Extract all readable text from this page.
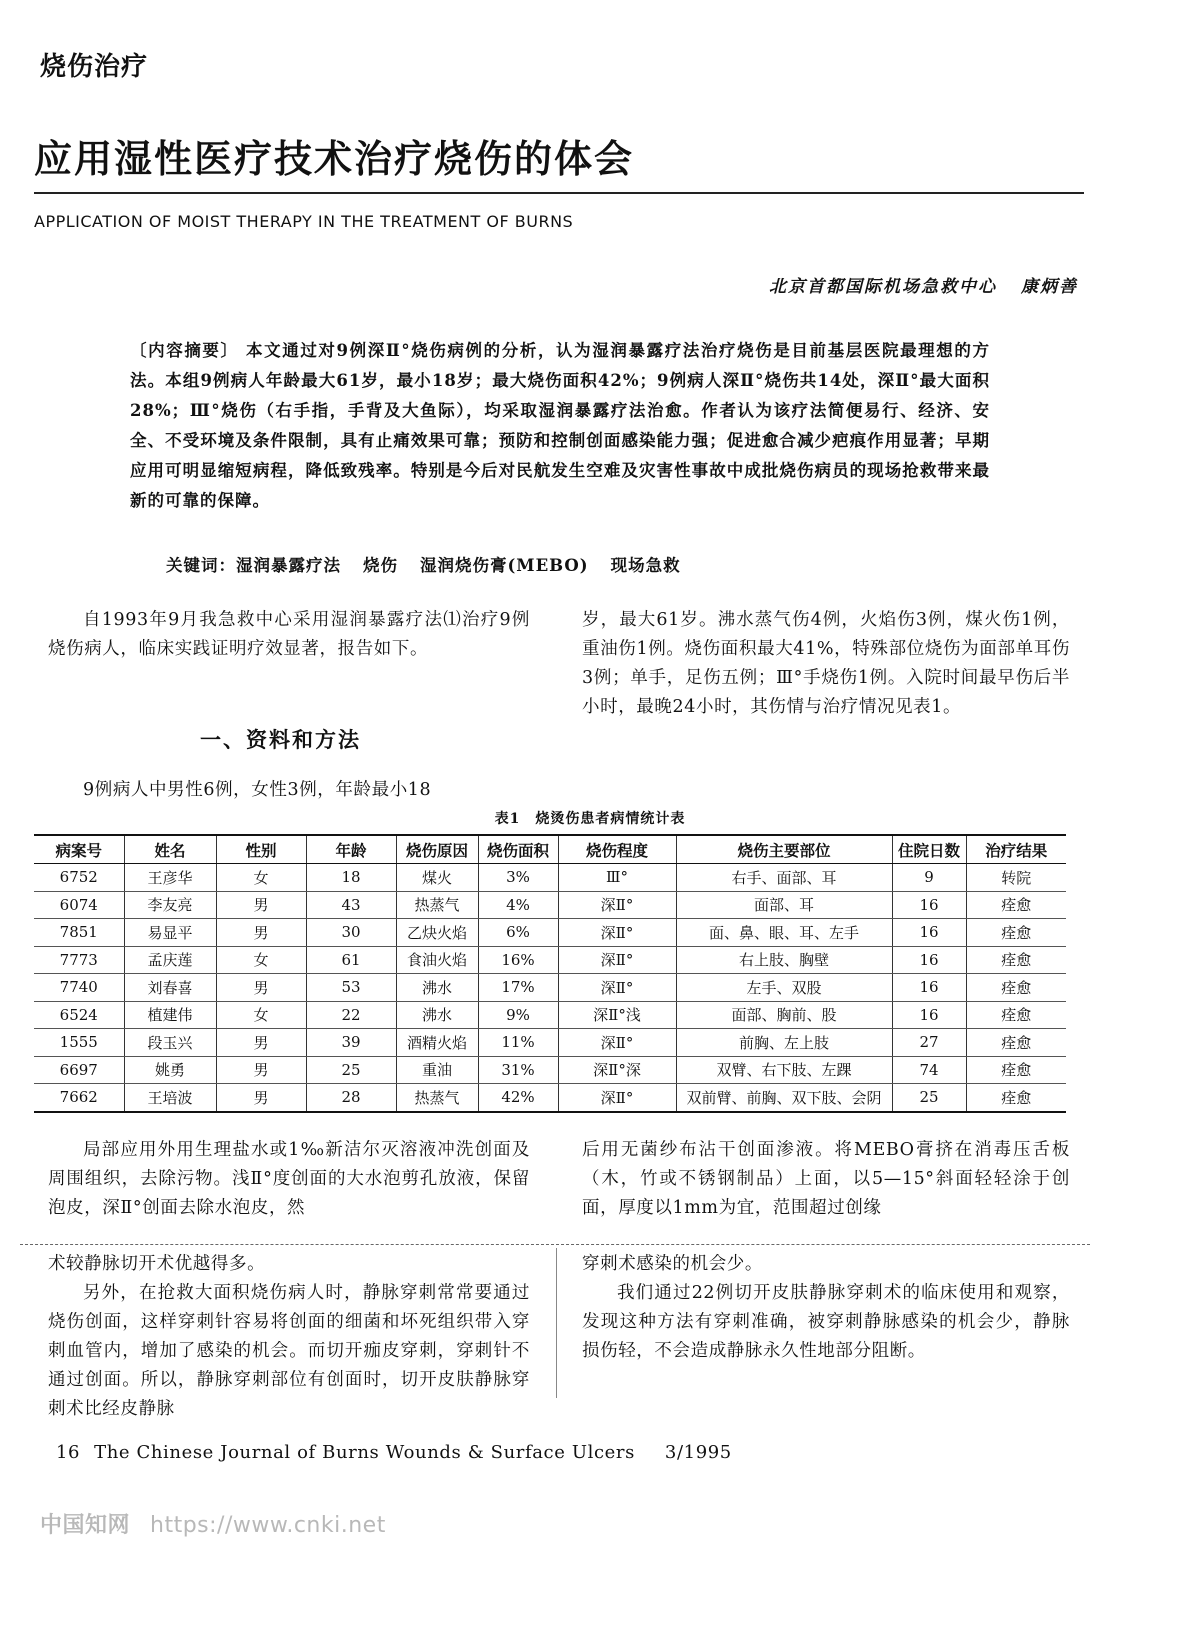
烧伤治疗
应用湿性医疗技术治疗烧伤的体会
APPLICATION OF MOIST THERAPY IN THE TREATMENT OF BURNS
北京首都国际机场急救中心 康炳善
〔内容摘要〕 本文通过对9例深Ⅱ°烧伤病例的分析，认为湿润暴露疗法治疗烧伤是目前基层医院最理想的方法。本组9例病人年龄最大61岁，最小18岁；最大烧伤面积42%；9例病人深Ⅱ°烧伤共14处，深Ⅱ°最大面积28%；Ⅲ°烧伤（右手指，手背及大鱼际），均采取湿润暴露疗法治愈。作者认为该疗法简便易行、经济、安全、不受环境及条件限制，具有止痛效果可靠；预防和控制创面感染能力强；促进愈合减少疤痕作用显著；早期应用可明显缩短病程，降低致残率。特别是今后对民航发生空难及灾害性事故中成批烧伤病员的现场抢救带来最新的可靠的保障。
关键词：湿润暴露疗法 烧伤 湿润烧伤膏(MEBO) 现场急救

自1993年9月我急救中心采用湿润暴露疗法⑴治疗9例烧伤病人，临床实践证明疗效显著，报告如下。

一、资料和方法

9例病人中男性6例，女性3例，年龄最小18

岁，最大61岁。沸水蒸气伤4例，火焰伤3例，煤火伤1例，重油伤1例。烧伤面积最大41%，特殊部位烧伤为面部单耳伤3例；单手，足伤五例；Ⅲ°手烧伤1例。入院时间最早伤后半小时，最晚24小时，其伤情与治疗情况见表1。

表1　烧烫伤患者病情统计表
病案号	姓名	性别	年龄	烧伤原因	烧伤面积	烧伤程度	烧伤主要部位	住院日数	治疗结果
6752	王彦华	女	18	煤火	3%	Ⅲ°	右手、面部、耳	9	转院
6074	李友亮	男	43	热蒸气	4%	深Ⅱ°	面部、耳	16	痊愈
7851	易显平	男	30	乙炔火焰	6%	深Ⅱ°	面、鼻、眼、耳、左手	16	痊愈
7773	孟庆莲	女	61	食油火焰	16%	深Ⅱ°	右上肢、胸壁	16	痊愈
7740	刘春喜	男	53	沸水	17%	深Ⅱ°	左手、双股	16	痊愈
6524	植建伟	女	22	沸水	9%	深Ⅱ°浅	面部、胸前、股	16	痊愈
1555	段玉兴	男	39	酒精火焰	11%	深Ⅱ°	前胸、左上肢	27	痊愈
6697	姚勇	男	25	重油	31%	深Ⅱ°深	双臂、右下肢、左踝	74	痊愈
7662	王培波	男	28	热蒸气	42%	深Ⅱ°	双前臂、前胸、双下肢、会阴	25	痊愈

局部应用外用生理盐水或1‰新洁尔灭溶液冲洗创面及周围组织，去除污物。浅Ⅱ°度创面的大水泡剪孔放液，保留泡皮，深Ⅱ°创面去除水泡皮，然

后用无菌纱布沾干创面渗液。将MEBO膏挤在消毒压舌板（木，竹或不锈钢制品）上面，以5—15°斜面轻轻涂于创面，厚度以1mm为宜，范围超过创缘

术较静脉切开术优越得多。

另外，在抢救大面积烧伤病人时，静脉穿刺常常要通过烧伤创面，这样穿刺针容易将创面的细菌和坏死组织带入穿刺血管内，增加了感染的机会。而切开痂皮穿刺，穿刺针不通过创面。所以，静脉穿刺部位有创面时，切开皮肤静脉穿刺术比经皮静脉

穿刺术感染的机会少。

我们通过22例切开皮肤静脉穿刺术的临床使用和观察，发现这种方法有穿刺准确，被穿刺静脉感染的机会少，静脉损伤轻，不会造成静脉永久性地部分阻断。

16 The Chinese Journal of Burns Wounds & Surface Ulcers 3/1995
中国知网 https://www.cnki.net
